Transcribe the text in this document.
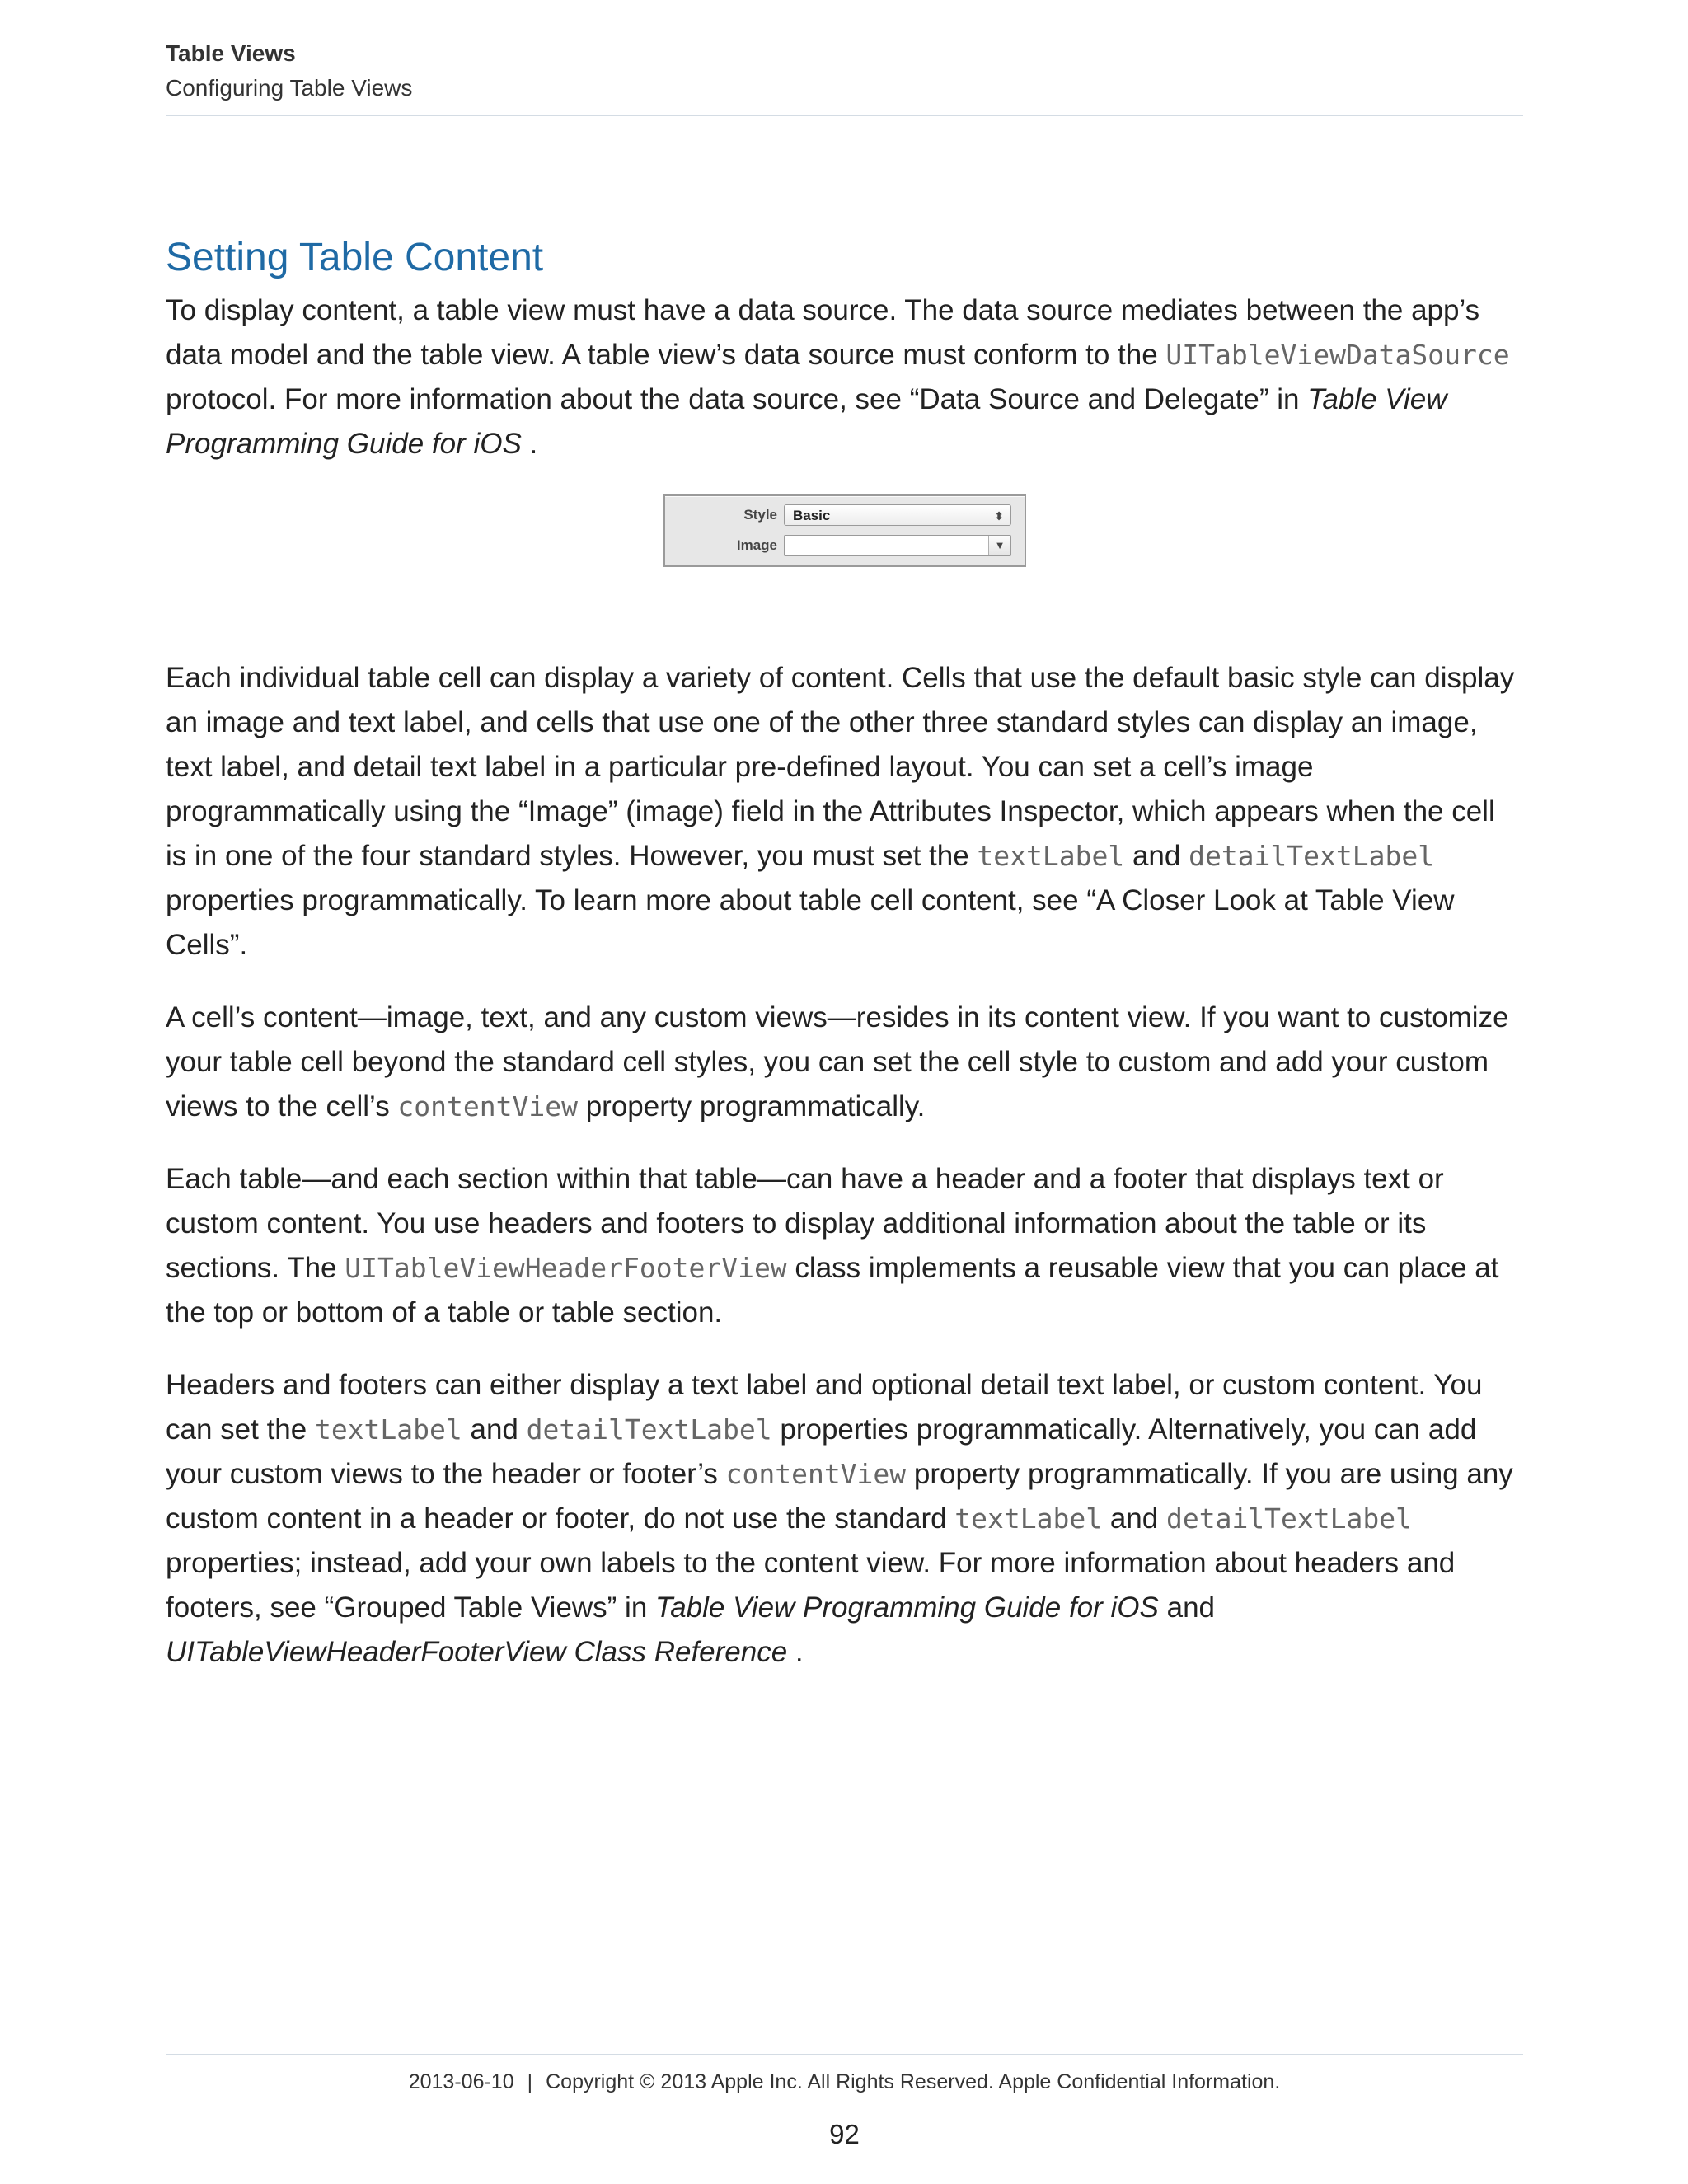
Table Views
Configuring Table Views
Setting Table Content

To display content, a table view must have a data source. The data source mediates between the app’s data model and the table view. A table view’s data source must conform to the UITableViewDataSource protocol. For more information about the data source, see “Data Source and Delegate” in Table View Programming Guide for iOS .

Style	Basic	⬍
Image	▼

Each individual table cell can display a variety of content. Cells that use the default basic style can display an image and text label, and cells that use one of the other three standard styles can display an image, text label, and detail text label in a particular pre-defined layout. You can set a cell’s image programmatically using the “Image” (image) field in the Attributes Inspector, which appears when the cell is in one of the four standard styles. However, you must set the textLabel and detailTextLabel properties programmatically. To learn more about table cell content, see “A Closer Look at Table View Cells”.

A cell’s content—image, text, and any custom views—resides in its content view. If you want to customize your table cell beyond the standard cell styles, you can set the cell style to custom and add your custom views to the cell’s contentView property programmatically.

Each table—and each section within that table—can have a header and a footer that displays text or custom content. You use headers and footers to display additional information about the table or its sections. The UITableViewHeaderFooterView class implements a reusable view that you can place at the top or bottom of a table or table section.

Headers and footers can either display a text label and optional detail text label, or custom content. You can set the textLabel and detailTextLabel properties programmatically. Alternatively, you can add your custom views to the header or footer’s contentView property programmatically. If you are using any custom content in a header or footer, do not use the standard textLabel and detailTextLabel properties; instead, add your own labels to the content view. For more information about headers and footers, see “Grouped Table Views” in Table View Programming Guide for iOS and UITableViewHeaderFooterView Class Reference .

2013-06-10 | Copyright © 2013 Apple Inc. All Rights Reserved. Apple Confidential Information.
92
